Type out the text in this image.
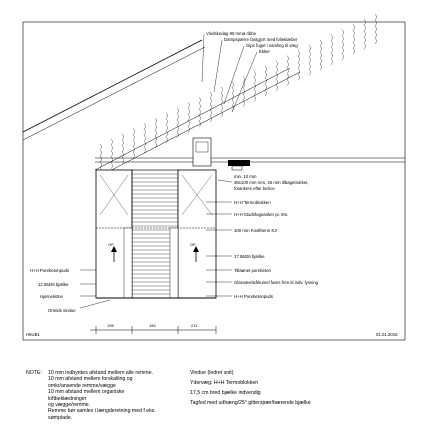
OP	OP
Vindskedag 90 mmø ribbe
Dampspærre fastgjort med folieklæber
Gips fuget i samling til væg
Ekker
min. 10 mm
38x100 mm rem, 25 mm tilbagetrukket,
forankres efter behov
H+H Termoblokken
H+H Studsfugeanker pr. 8m.
100 mm Kooltherm K3
17.5M26 bjælke
Tilläønet porebeton
Glasvæv/stålrumel føres fren til indv. lysning
H+H Porebetonpuds
H+H Porebetonpuds
12.5M26 bjælke
Hjørnelistne
Omrids vindue
195	150	211
H6UB1	01.01.2015
NOTE:	10 mm indbyrdes afstand mellem alle remme.
10 mm afstand mellem forskalling og
omkr/ansende remme/vægge
10 mm afstand mellem organiske
loftbeklædninger
og vægge/remme.
Remme bør samles i længderetning med f.eks.
sømplade.
Vindue (lodret snit)
Ydervæg: H+H Termoblokken
17,5 cm bred bjælke indvendig
Tagfod med udhæng/25° gitterspær/bærende bjælke
